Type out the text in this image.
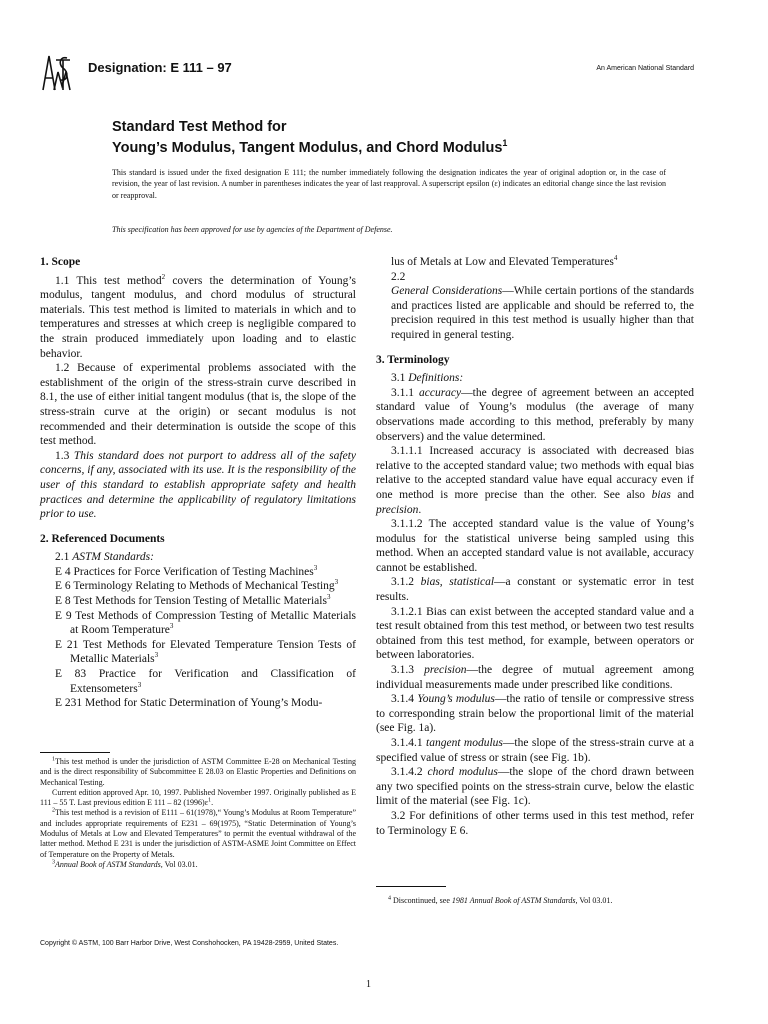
Designation: E 111 – 97	An American National Standard
Standard Test Method for
Young’s Modulus, Tangent Modulus, and Chord Modulus$^1$
This standard is issued under the fixed designation E 111; the number immediately following the designation indicates the year of original adoption or, in the case of revision, the year of last revision. A number in parentheses indicates the year of last reapproval. A superscript epsilon (ε) indicates an editorial change since the last revision or reapproval.
This specification has been approved for use by agencies of the Department of Defense.
1. Scope

1.1 This test method$^2$ covers the determination of Young’s modulus, tangent modulus, and chord modulus of structural materials. This test method is limited to materials in which and to temperatures and stresses at which creep is negligible compared to the strain produced immediately upon loading and to elastic behavior.

1.2 Because of experimental problems associated with the establishment of the origin of the stress-strain curve described in 8.1, the use of either initial tangent modulus (that is, the slope of the stress-strain curve at the origin) or secant modulus is not recommended and their determination is outside the scope of this test method.

1.3 This standard does not purport to address all of the safety concerns, if any, associated with its use. It is the responsibility of the user of this standard to establish appropriate safety and health practices and determine the applicability of regulatory limitations prior to use.

2. Referenced Documents

2.1 ASTM Standards:

E 4 Practices for Force Verification of Testing Machines$^3$

E 6 Terminology Relating to Methods of Mechanical Testing$^3$

E 8 Test Methods for Tension Testing of Metallic Materials$^3$

E 9 Test Methods of Compression Testing of Metallic Materials at Room Temperature$^3$

E 21 Test Methods for Elevated Temperature Tension Tests of Metallic Materials$^3$

E 83 Practice for Verification and Classification of Extensometers$^3$

E 231 Method for Static Determination of Young’s Modu-

$^1$This test method is under the jurisdiction of ASTM Committee E-28 on Mechanical Testing and is the direct responsibility of Subcommittee E 28.03 on Elastic Properties and Definitions on Mechanical Testing.

Current edition approved Apr. 10, 1997. Published November 1997. Originally published as E 111 – 55 T. Last previous edition E 111 – 82 $(1996)\varepsilon^1$.

$^2$This test method is a revision of E111 – 61(1978),“ Young’s Modulus at Room Temperature” and includes appropriate requirements of E231 – 69(1975), “Static Determination of Young’s Modulus of Metals at Low and Elevated Temperatures” to permit the eventual withdrawal of the latter method. Method E 231 is under the jurisdiction of ASTM-ASME Joint Committee on Effect of Temperature on the Property of Metals.

$^3$Annual Book of ASTM Standards, Vol 03.01.

lus of Metals at Low and Elevated Temperatures$^4$

2.2

General Considerations—While certain portions of the standards and practices listed are applicable and should be referred to, the precision required in this test method is usually higher than that required in general testing.

3. Terminology

3.1 Definitions:

3.1.1 accuracy—the degree of agreement between an accepted standard value of Young’s modulus (the average of many observations made according to this method, preferably by many observers) and the value determined.

3.1.1.1 Increased accuracy is associated with decreased bias relative to the accepted standard value; two methods with equal bias relative to the accepted standard value have equal accuracy even if one method is more precise than the other. See also bias and precision.

3.1.1.2 The accepted standard value is the value of Young’s modulus for the statistical universe being sampled using this method. When an accepted standard value is not available, accuracy cannot be established.

3.1.2 bias, statistical—a constant or systematic error in test results.

3.1.2.1 Bias can exist between the accepted standard value and a test result obtained from this test method, or between two test results obtained from this test method, for example, between operators or between laboratories.

3.1.3 precision—the degree of mutual agreement among individual measurements made under prescribed like conditions.

3.1.4 Young’s modulus—the ratio of tensile or compressive stress to corresponding strain below the proportional limit of the material (see Fig. 1a).

3.1.4.1 tangent modulus—the slope of the stress-strain curve at a specified value of stress or strain (see Fig. 1b).

3.1.4.2 chord modulus—the slope of the chord drawn between any two specified points on the stress-strain curve, below the elastic limit of the material (see Fig. 1c).

3.2 For definitions of other terms used in this test method, refer to Terminology E 6.

$^4$ Discontinued, see 1981 Annual Book of ASTM Standards, Vol 03.01.

Copyright © ASTM, 100 Barr Harbor Drive, West Conshohocken, PA 19428-2959, United States.
1
